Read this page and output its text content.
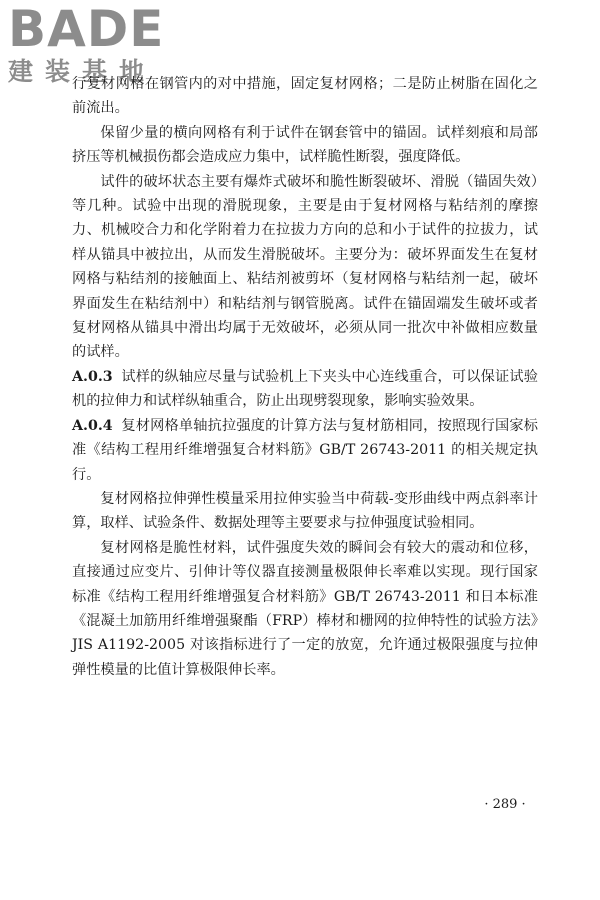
BADE
建装基地

行复材网格在钢管内的对中措施，固定复材网格；二是防止树脂在固化之前流出。

保留少量的横向网格有利于试件在钢套管中的锚固。试样刻痕和局部挤压等机械损伤都会造成应力集中，试样脆性断裂，强度降低。

试件的破坏状态主要有爆炸式破坏和脆性断裂破坏、滑脱（锚固失效）等几种。试验中出现的滑脱现象，主要是由于复材网格与粘结剂的摩擦力、机械咬合力和化学附着力在拉拔力方向的总和小于试件的拉拔力，试样从锚具中被拉出，从而发生滑脱破坏。主要分为：破坏界面发生在复材网格与粘结剂的接触面上、粘结剂被剪坏（复材网格与粘结剂一起，破坏界面发生在粘结剂中）和粘结剂与钢管脱离。试件在锚固端发生破坏或者复材网格从锚具中滑出均属于无效破坏，必须从同一批次中补做相应数量的试样。

A.0.3 试样的纵轴应尽量与试验机上下夹头中心连线重合，可以保证试验机的拉伸力和试样纵轴重合，防止出现劈裂现象，影响实验效果。

A.0.4 复材网格单轴抗拉强度的计算方法与复材筋相同，按照现行国家标准《结构工程用纤维增强复合材料筋》GB/T 26743-2011 的相关规定执行。

复材网格拉伸弹性模量采用拉伸实验当中荷载-变形曲线中两点斜率计算，取样、试验条件、数据处理等主要要求与拉伸强度试验相同。

复材网格是脆性材料，试件强度失效的瞬间会有较大的震动和位移，直接通过应变片、引伸计等仪器直接测量极限伸长率难以实现。现行国家标准《结构工程用纤维增强复合材料筋》GB/T 26743-2011 和日本标准《混凝土加筋用纤维增强聚酯（FRP）棒材和栅网的拉伸特性的试验方法》JIS A1192-2005 对该指标进行了一定的放宽，允许通过极限强度与拉伸弹性模量的比值计算极限伸长率。

· 289 ·
